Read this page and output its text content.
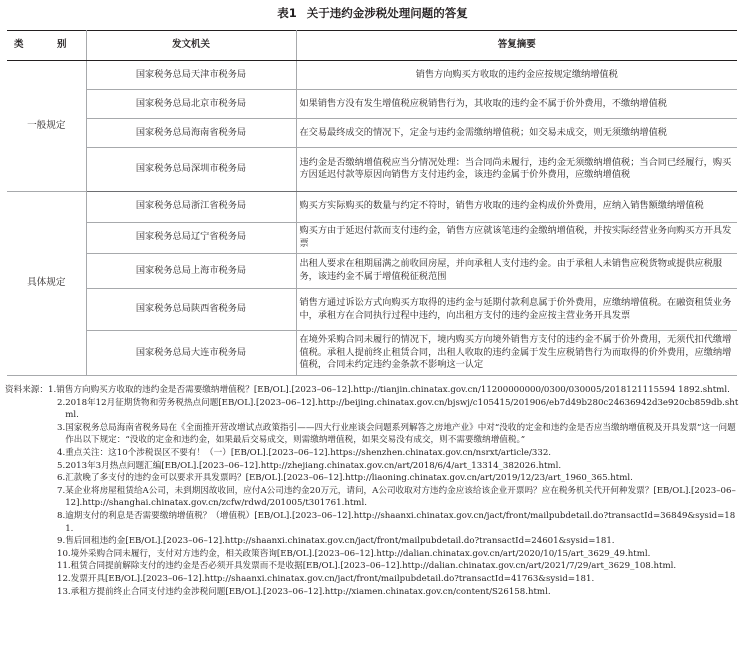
表1 关于违约金涉税处理问题的答复
类　别	发文机关	答复摘要
一般规定	国家税务总局天津市税务局	销售方向购买方收取的违约金应按规定缴纳增值税
	国家税务总局北京市税务局	如果销售方没有发生增值税应税销售行为，其收取的违约金不属于价外费用，不缴纳增值税
	国家税务总局海南省税务局	在交易最终成交的情况下，定金与违约金需缴纳增值税；如交易未成交，则无须缴纳增值税
	国家税务总局深圳市税务局	违约金是否缴纳增值税应当分情况处理：当合同尚未履行，违约金无须缴纳增值税；当合同已经履行，购买方因延迟付款等原因向销售方支付违约金，该违约金属于价外费用，应缴纳增值税
具体规定	国家税务总局浙江省税务局	购买方实际购买的数量与约定不符时，销售方收取的违约金构成价外费用，应纳入销售额缴纳增值税
	国家税务总局辽宁省税务局	购买方由于延迟付款而支付违约金，销售方应就该笔违约金缴纳增值税，并按实际经营业务向购买方开具发票
	国家税务总局上海市税务局	出租人要求在租期届满之前收回房屋，并向承租人支付违约金。由于承租人未销售应税货物或提供应税服务，该违约金不属于增值税征税范围
	国家税务总局陕西省税务局	销售方通过诉讼方式向购买方取得的违约金与延期付款利息属于价外费用，应缴纳增值税。在融资租赁业务中，承租方在合同执行过程中违约，向出租方支付的违约金应按主营业务开具发票
	国家税务总局大连市税务局	在境外采购合同未履行的情况下，境内购买方向境外销售方支付的违约金不属于价外费用，无须代扣代缴增值税。承租人提前终止租赁合同，出租人收取的违约金属于发生应税销售行为而取得的价外费用，应缴纳增值税，合同未约定违约金条款不影响这一认定
资料来源： 1. 销售方向购买方收取的违约金是否需要缴纳增值税？[EB/OL].[2023–06–12].http://tianjin.chinatax.gov.cn/11200000000/0300/030005/2018121115594 1892.shtml.
2. 2018年12月征期货物和劳务税热点问题[EB/OL].[2023–06–12].http://beijing.chinatax.gov.cn/bjswj/c105415/201906/eb7d49b280c24636942d3e920cb859db.shtml.
3. 国家税务总局海南省税务局在《全面推开营改增试点政策指引——四大行业座谈会问题系列解答之房地产业》中对“没收的定金和违约金是否应当缴纳增值税及开具发票”这一问题作出以下规定：“没收的定金和违约金，如果最后交易成交，则需缴纳增值税，如果交易没有成交，则不需要缴纳增值税。”
4. 重点关注：这10个涉税误区不要有！（一）[EB/OL].[2023–06–12].https://shenzhen.chinatax.gov.cn/nsrxt/article/332.
5. 2013年3月热点问题汇编[EB/OL].[2023–06–12].http://zhejiang.chinatax.gov.cn/art/2018/6/4/art_13314_382026.html.
6. 汇款晚了多支付的违约金可以要求开具发票吗？[EB/OL].[2023–06–12].http://liaoning.chinatax.gov.cn/art/2019/12/23/art_1960_365.html.
7. 某企业将房屋租赁给A公司，未到期因故收回，应付A公司违约金20万元，请问，A公司收取对方违约金应该给该企业开票吗？应在税务机关代开何种发票？[EB/OL].[2023–06–12].http://shanghai.chinatax.gov.cn/zcfw/rdwd/201005/t301761.html.
8. 逾期支付的利息是否需要缴纳增值税？（增值税）[EB/OL].[2023–06–12].http://shaanxi.chinatax.gov.cn/jact/front/mailpubdetail.do?transactId=36849&sysid=181.
9. 售后回租违约金[EB/OL].[2023–06–12].http://shaanxi.chinatax.gov.cn/jact/front/mailpubdetail.do?transactId=24601&sysid=181.
10. 境外采购合同未履行，支付对方违约金，相关政策咨询[EB/OL].[2023–06–12].http://dalian.chinatax.gov.cn/art/2020/10/15/art_3629_49.html.
11. 租赁合同提前解除支付的违约金是否必须开具发票而不是收据[EB/OL].[2023–06–12].http://dalian.chinatax.gov.cn/art/2021/7/29/art_3629_108.html.
12. 发票开具[EB/OL].[2023–06–12].http://shaanxi.chinatax.gov.cn/jact/front/mailpubdetail.do?transactId=41763&sysid=181.
13. 承租方提前终止合同支付违约金涉税问题[EB/OL].[2023–06–12].http://xiamen.chinatax.gov.cn/content/S26158.html.
